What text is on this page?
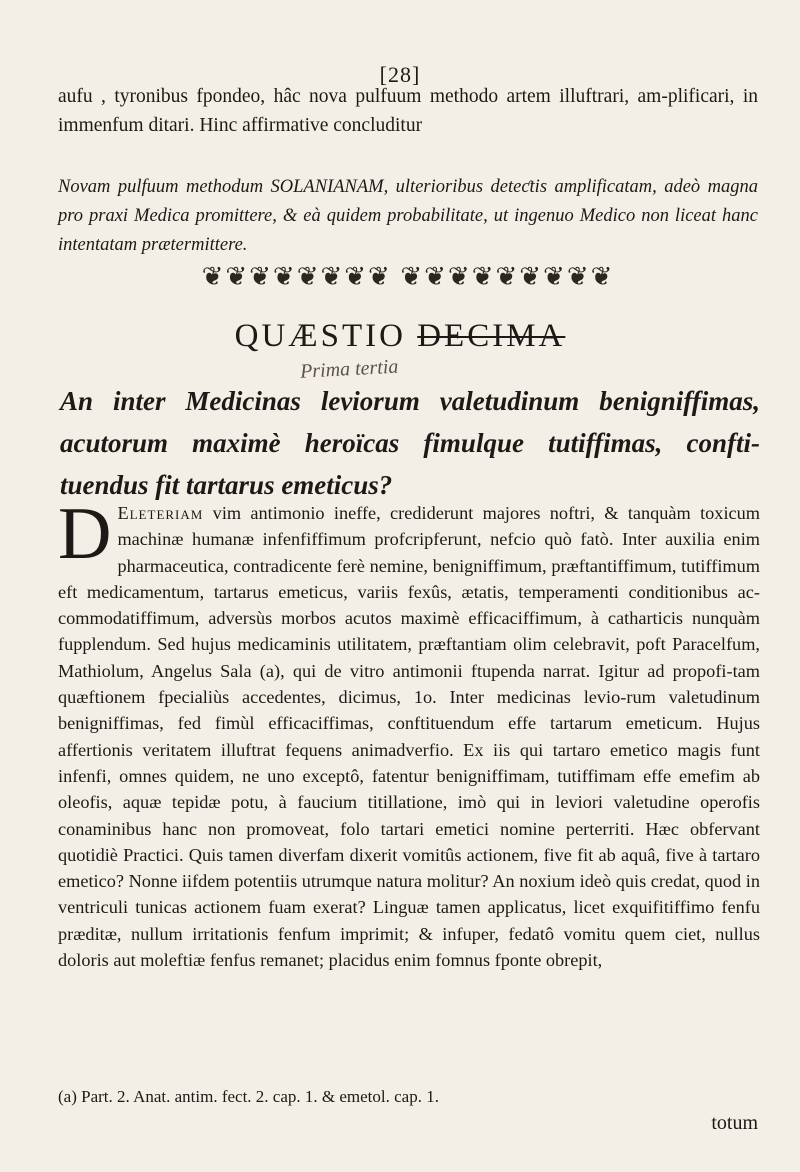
[28]
aufu , tyronibus fpondeo, hâc nova pulfuum methodo artem illuftrari, am-plificari, in immenfum ditari. Hinc affirmative concluditur
Novam pulfuum methodum SOLANIANAM, ulterioribus deteƈtis amplificatam, adeò magna pro praxi Medica promittere, & eà quidem probabilitate, ut ingenuo Medico non liceat hanc intentatam prætermittere.
❦❦❦❦❦❦❦❦ ❦❦❦❦❦❦❦❦❦
QUÆSTIO DECIMA
Prima tertia
An inter Medicinas leviorum valetudinum benigniffimas, acutorum maximè heroïcas fimulque tutiffimas, confti-tuendus fit tartarus emeticus?
D Eleteriam vim antimonio ineffe, crediderunt majores noftri, & tanquàm toxicum machinæ humanæ infenfiffimum profcripferunt, nefcio quò fatò. Inter auxilia enim pharmaceutica, contradicente ferè nemine, benigniffimum, præftantiffimum, tutiffimum eft medicamentum, tartarus emeticus, variis fexûs, ætatis, temperamenti conditionibus ac-commodatiffimum, adversùs morbos acutos maximè efficaciffimum, à catharticis nunquàm fupplendum. Sed hujus medicaminis utilitatem, præftantiam olim celebravit, poft Paracelfum, Mathiolum, Angelus Sala (a), qui de vitro antimonii ftupenda narrat. Igitur ad propofi-tam quæftionem fpecialiùs accedentes, dicimus, 1o. Inter medicinas levio-rum valetudinum benigniffimas, fed fimùl efficaciffimas, conftituendum effe tartarum emeticum. Hujus affertionis veritatem illuftrat fequens animadverfio. Ex iis qui tartaro emetico magis funt infenfi, omnes quidem, ne uno exceptô, fatentur benigniffimam, tutiffimam effe emefim ab oleofis, aquæ tepidæ potu, à faucium titillatione, imò qui in leviori valetudine operofis conaminibus hanc non promoveat, folo tartari emetici nomine perterriti. Hæc obfervant quotidiè Practici. Quis tamen diverfam dixerit vomitûs actionem, five fit ab aquâ, five à tartaro emetico? Nonne iifdem potentiis utrumque natura molitur? An noxium ideò quis credat, quod in ventriculi tunicas actionem fuam exerat? Linguæ tamen applicatus, licet exquifitiffimo fenfu præditæ, nullum irritationis fenfum imprimit; & infuper, fedatô vomitu quem ciet, nullus doloris aut moleftiæ fenfus remanet; placidus enim fomnus fponte obrepit,
(a) Part. 2. Anat. antim. fect. 2. cap. 1. & emetol. cap. 1.
totum
